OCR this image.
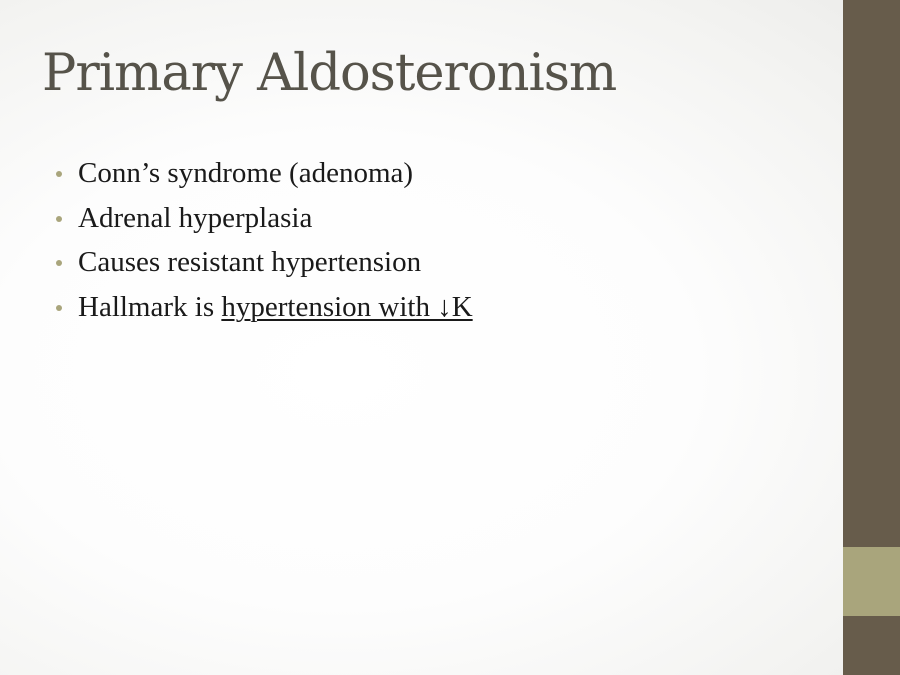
Primary Aldosteronism
Conn’s syndrome (adenoma)
Adrenal hyperplasia
Causes resistant hypertension
Hallmark is hypertension with ↓K
